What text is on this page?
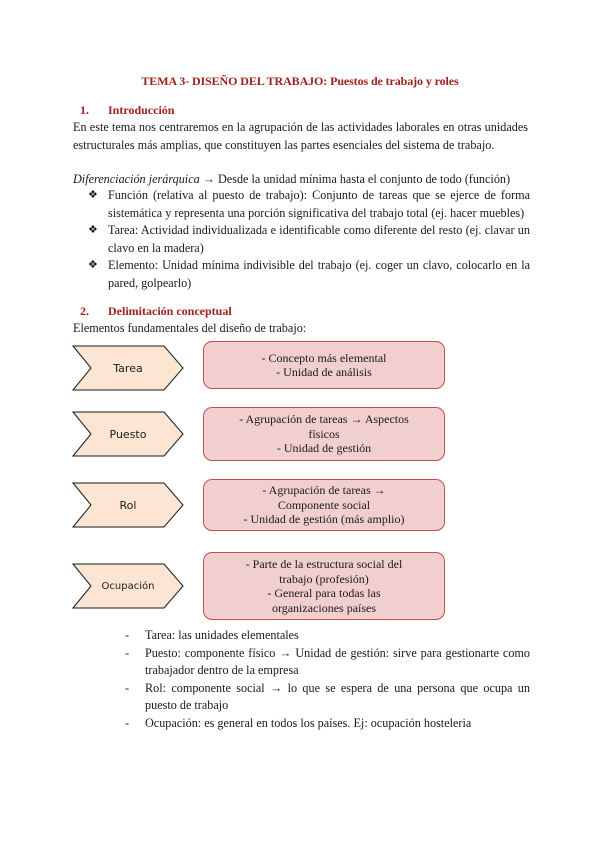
TEMA 3- DISEÑO DEL TRABAJO: Puestos de trabajo y roles
1. Introducción
En este tema nos centraremos en la agrupación de las actividades laborales en otras unidades estructurales más amplias, que constituyen las partes esenciales del sistema de trabajo.
Diferenciación jerárquica → Desde la unidad mínima hasta el conjunto de todo (función)
❖ Función (relativa al puesto de trabajo): Conjunto de tareas que se ejerce de forma sistemática y representa una porción significativa del trabajo total (ej. hacer muebles)
❖ Tarea: Actividad individualizada e identificable como diferente del resto (ej. clavar un clavo en la madera)
❖ Elemento: Unidad mínima indivisible del trabajo (ej. coger un clavo, colocarlo en la pared, golpearlo)
2. Delimitación conceptual
Elementos fundamentales del diseño de trabajo:
Tarea
- Concepto más elemental
- Unidad de análisis
Puesto
- Agrupación de tareas → Aspectos
físicos
- Unidad de gestión
Rol
- Agrupación de tareas →
Componente social
- Unidad de gestión (más amplio)
Ocupación
- Parte de la estructura social del
trabajo (profesión)
- General para todas las
organizaciones países
- Tarea: las unidades elementales
- Puesto: componente físico → Unidad de gestión: sirve para gestionarte como trabajador dentro de la empresa
- Rol: componente social → lo que se espera de una persona que ocupa un puesto de trabajo
- Ocupación: es general en todos los países. Ej: ocupación hosteleria
